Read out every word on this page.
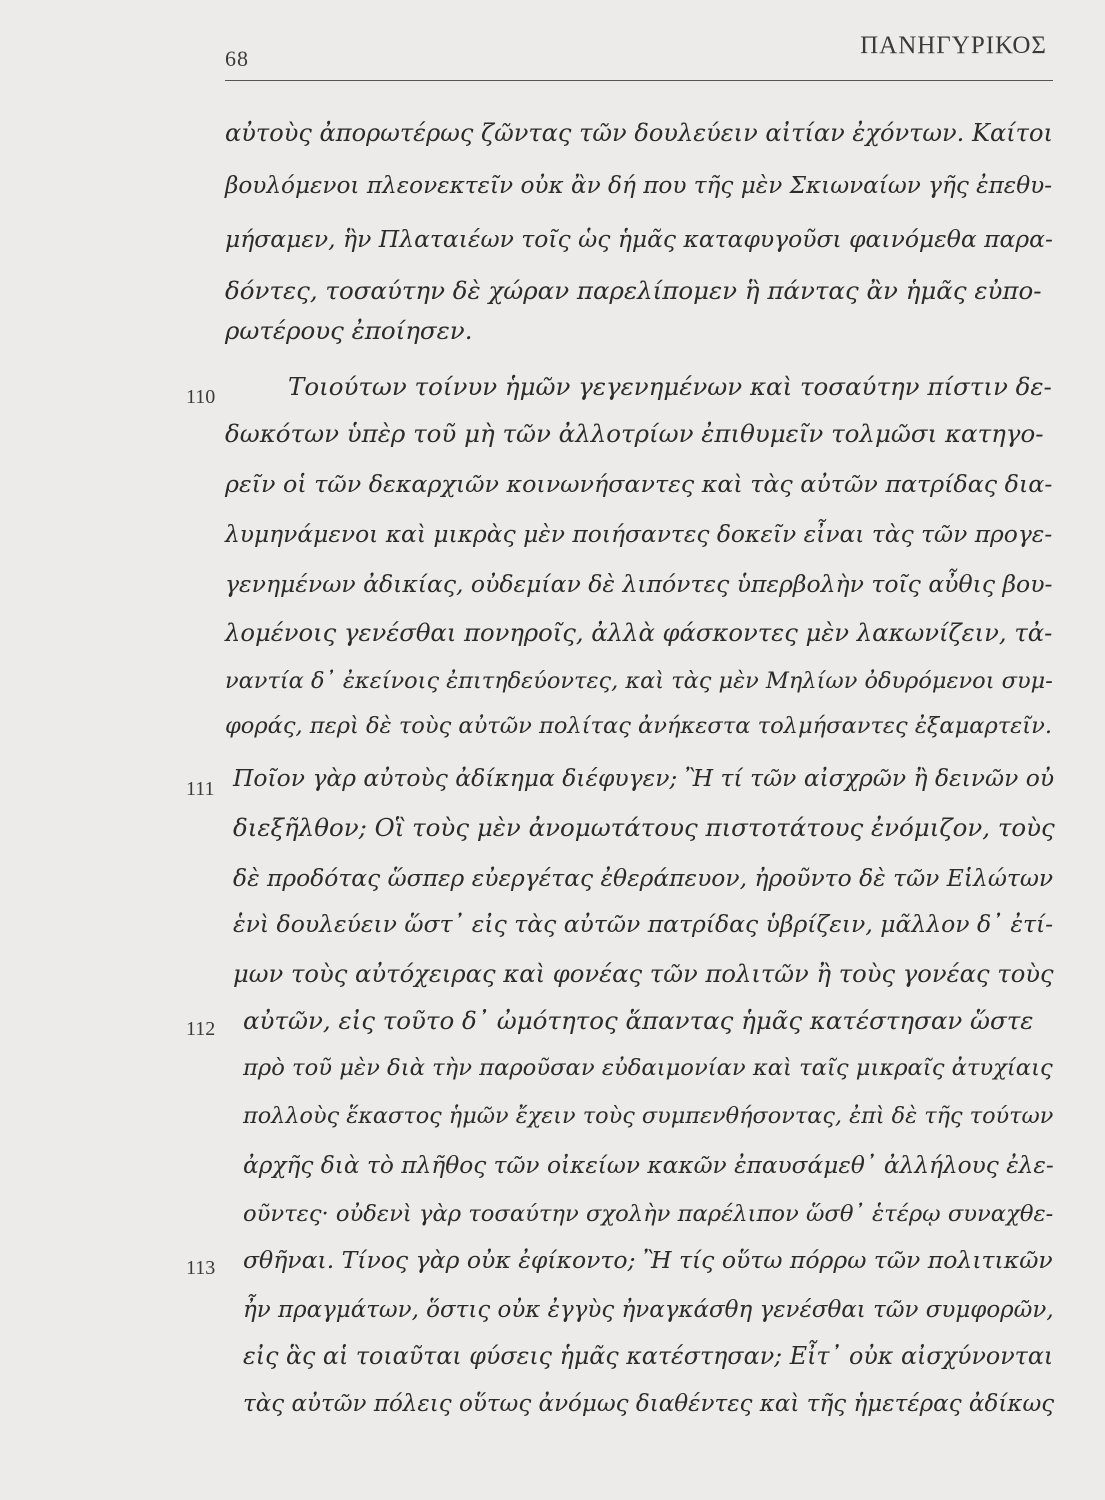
68	ΠΑΝΗΓΥΡΙΚΟΣ
αὐτοὺς ἀπορωτέρως ζῶντας τῶν δουλεύειν αἰτίαν ἐχόντων. Καίτοι
βουλόμενοι πλεονεκτεῖν οὐκ ἂν δή που τῆς μὲν Σκιωναίων γῆς ἐπεθυ-
μήσαμεν, ἣν Πλαταιέων τοῖς ὡς ἡμᾶς καταφυγοῦσι φαινόμεθα παρα-
δόντες, τοσαύτην δὲ χώραν παρελίπομεν ἣ πάντας ἂν ἡμᾶς εὐπο-
ρωτέρους ἐποίησεν.
110	Τοιούτων τοίνυν ἡμῶν γεγενημένων καὶ τοσαύτην πίστιν δε-
δωκότων ὑπὲρ τοῦ μὴ τῶν ἀλλοτρίων ἐπιθυμεῖν τολμῶσι κατηγο-
ρεῖν οἱ τῶν δεκαρχιῶν κοινωνήσαντες καὶ τὰς αὐτῶν πατρίδας δια-
λυμηνάμενοι καὶ μικρὰς μὲν ποιήσαντες δοκεῖν εἶναι τὰς τῶν προγε-
γενημένων ἀδικίας, οὐδεμίαν δὲ λιπόντες ὑπερβολὴν τοῖς αὖθις βου-
λομένοις γενέσθαι πονηροῖς, ἀλλὰ φάσκοντες μὲν λακωνίζειν, τἀ-
ναντία δ᾽ ἐκείνοις ἐπιτηδεύοντες, καὶ τὰς μὲν Μηλίων ὀδυρόμενοι συμ-
φοράς, περὶ δὲ τοὺς αὐτῶν πολίτας ἀνήκεστα τολμήσαντες ἐξαμαρτεῖν.
111 Ποῖον γὰρ αὐτοὺς ἀδίκημα διέφυγεν; Ἢ τί τῶν αἰσχρῶν ἢ δεινῶν οὐ
διεξῆλθον; Οἳ τοὺς μὲν ἀνομωτάτους πιστοτάτους ἐνόμιζον, τοὺς
δὲ προδότας ὥσπερ εὐεργέτας ἐθεράπευον, ἠροῦντο δὲ τῶν Εἱλώτων
ἑνὶ δουλεύειν ὥστ᾽ εἰς τὰς αὐτῶν πατρίδας ὑβρίζειν, μᾶλλον δ᾽ ἐτί-
μων τοὺς αὐτόχειρας καὶ φονέας τῶν πολιτῶν ἢ τοὺς γονέας τοὺς
112 αὐτῶν, εἰς τοῦτο δ᾽ ὠμότητος ἅπαντας ἡμᾶς κατέστησαν ὥστε
πρὸ τοῦ μὲν διὰ τὴν παροῦσαν εὐδαιμονίαν καὶ ταῖς μικραῖς ἀτυχίαις
πολλοὺς ἕκαστος ἡμῶν ἔχειν τοὺς συμπενθήσοντας, ἐπὶ δὲ τῆς τούτων
ἀρχῆς διὰ τὸ πλῆθος τῶν οἰκείων κακῶν ἐπαυσάμεθ᾽ ἀλλήλους ἐλε-
οῦντες· οὐδενὶ γὰρ τοσαύτην σχολὴν παρέλιπον ὥσθ᾽ ἑτέρῳ συναχθε-
113 σθῆναι. Τίνος γὰρ οὐκ ἐφίκοντο; Ἢ τίς οὕτω πόρρω τῶν πολιτικῶν
ἦν πραγμάτων, ὅστις οὐκ ἐγγὺς ἠναγκάσθη γενέσθαι τῶν συμφορῶν,
εἰς ἃς αἱ τοιαῦται φύσεις ἡμᾶς κατέστησαν; Εἶτ᾽ οὐκ αἰσχύνονται
τὰς αὐτῶν πόλεις οὕτως ἀνόμως διαθέντες καὶ τῆς ἡμετέρας ἀδίκως
